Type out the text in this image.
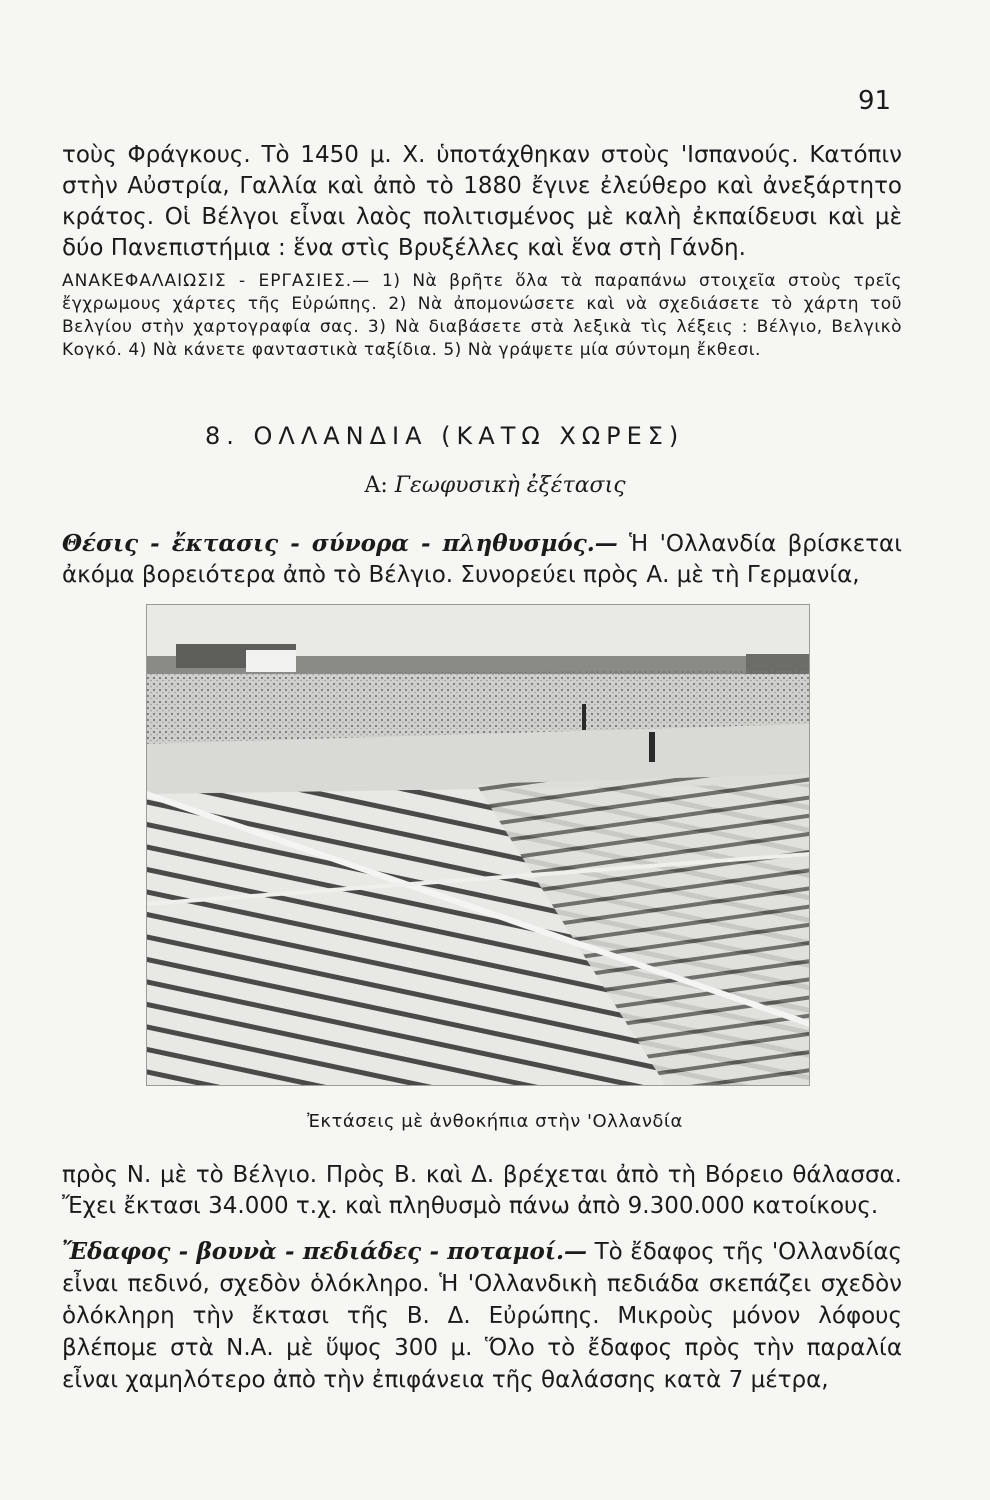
91
τοὺς Φράγκους. Τὸ 1450 μ. Χ. ὑποτάχθηκαν στοὺς 'Ισπανούς. Κατόπιν στὴν Αὐστρία, Γαλλία καὶ ἀπὸ τὸ 1880 ἔγινε ἐλεύθερο καὶ ἀνεξάρτητο κράτος. Οἱ Βέλγοι εἶναι λαὸς πολιτισμένος μὲ καλὴ ἐκπαίδευσι καὶ μὲ δύο Πανεπιστήμια : ἕνα στὶς Βρυξέλλες καὶ ἕνα στὴ Γάνδη.
ΑΝΑΚΕΦΑΛΑΙΩΣΙΣ - ΕΡΓΑΣΙΕΣ.— 1) Νὰ βρῆτε ὅλα τὰ παραπάνω στοιχεῖα στοὺς τρεῖς ἔγχρωμους χάρτες τῆς Εὐρώπης. 2) Νὰ ἀπομονώσετε καὶ νὰ σχεδιάσετε τὸ χάρτη τοῦ Βελγίου στὴν χαρτογραφία σας. 3) Νὰ διαβάσετε στὰ λεξικὰ τὶς λέξεις : Βέλγιο, Βελγικὸ Κογκό. 4) Νὰ κάνετε φανταστικὰ ταξίδια. 5) Νὰ γράψετε μία σύντομη ἔκθεσι.
8. ΟΛΛΑΝΔΙΑ (ΚΑΤΩ ΧΩΡΕΣ)
Α: Γεωφυσικὴ ἐξέτασις
Θέσις - ἔκτασις - σύνορα - πληθυσμός.— Ἡ 'Ολλανδία βρίσκεται ἀκόμα βορειότερα ἀπὸ τὸ Βέλγιο. Συνορεύει πρὸς Α. μὲ τὴ Γερμανία,
Ἐκτάσεις μὲ ἀνθοκήπια στὴν 'Ολλανδία
πρὸς Ν. μὲ τὸ Βέλγιο. Πρὸς Β. καὶ Δ. βρέχεται ἀπὸ τὴ Βόρειο θάλασσα. Ἔχει ἔκτασι 34.000 τ.χ. καὶ πληθυσμὸ πάνω ἀπὸ 9.300.000 κατοίκους.
Ἔδαφος - βουνὰ - πεδιάδες - ποταμοί.— Τὸ ἔδαφος τῆς 'Ολλανδίας εἶναι πεδινό, σχεδὸν ὁλόκληρο. Ἡ 'Ολλανδικὴ πεδιάδα σκεπάζει σχεδὸν ὁλόκληρη τὴν ἔκτασι τῆς Β. Δ. Εὐρώπης. Μικροὺς μόνον λόφους βλέπομε στὰ Ν.Α. μὲ ὕψος 300 μ. Ὅλο τὸ ἔδαφος πρὸς τὴν παραλία εἶναι χαμηλότερο ἀπὸ τὴν ἐπιφάνεια τῆς θαλάσσης κατὰ 7 μέτρα,
